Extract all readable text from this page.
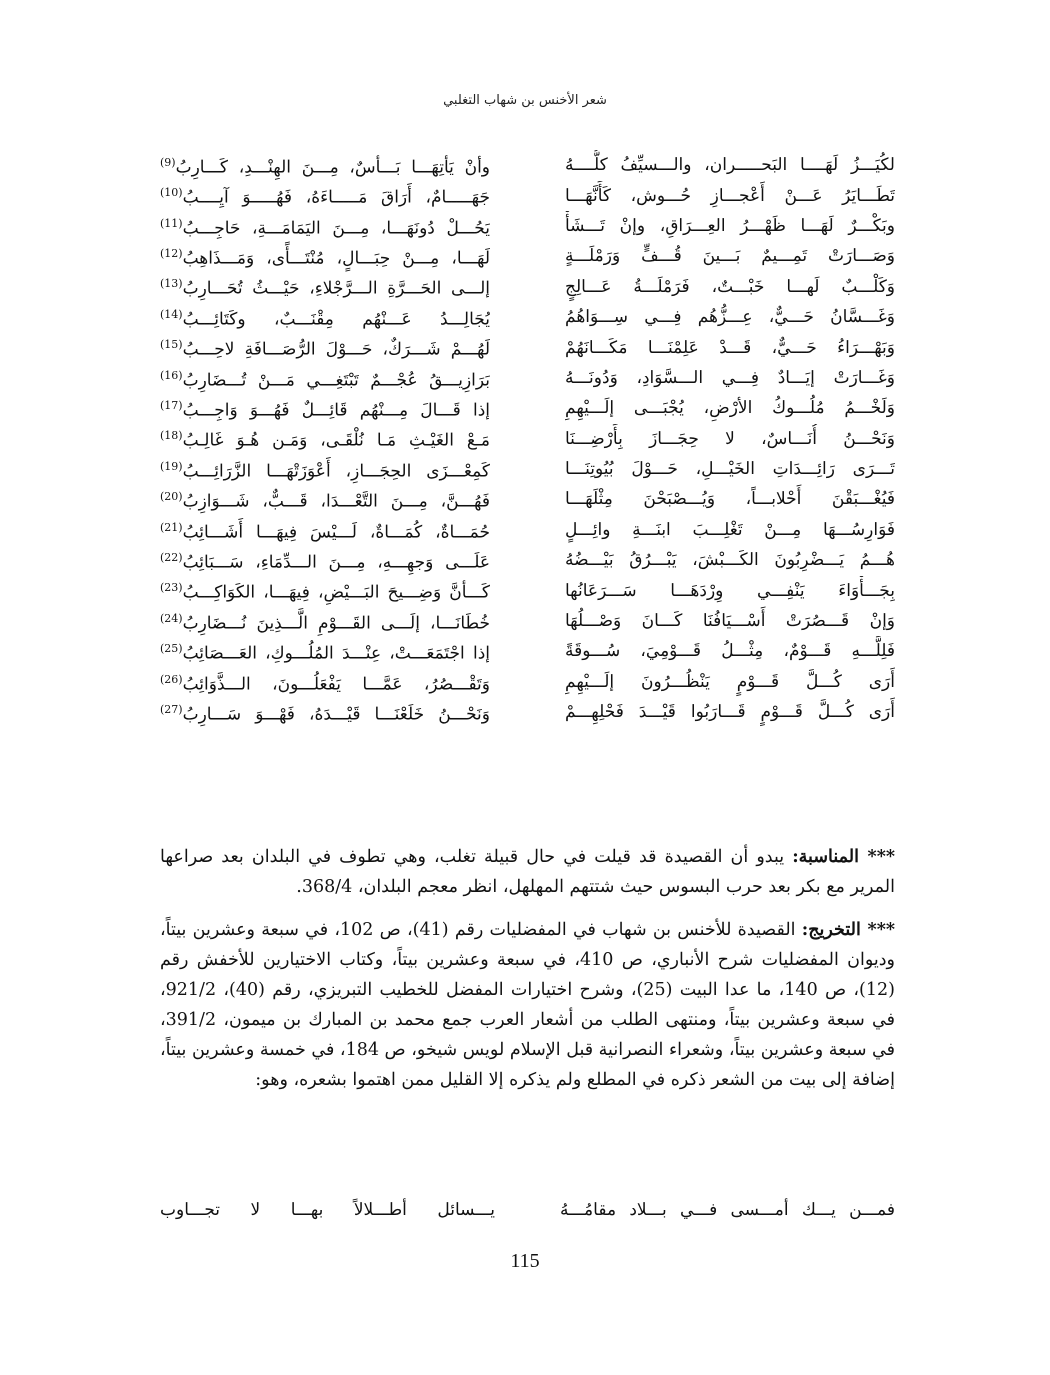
شعر الأخنس بن شهاب التغلبي
لكُيَـــزُ لَهَــــا البَحـــــران، والـــسيِّفُ كلُّــــهُ
وأنْ يَأتِهَـــا بَـــأسٌ، مِـــنَ الهِنْـــدِ، كَـــارِبُ$^{(9)}$
تَطَـــايَرُ عَـــنْ أَعْجـــازِ حُـــوش، كَأَنَّهَـــا
جَهَـــــامٌ، أَرَاقَ مَـــــاءَهُ، فَهُـــــوَ آيِــــبُ$^{(10)}$
وبَكْـــرٌ لَهَـــا ظَهْـــرُ العِـــرَاقِ، وإنْ تَـــشَأْ
يَحُـــلْ دُونَهَـــا، مِـــنَ اليَمَامَـــةِ، حَاجِـــبُ$^{(11)}$
وَصَـــارَتْ تَمِـــيمٌ بَـــينَ قُـــفٍّ وَرَمْلَـــةٍ
لَهَـــا، مِـــنْ حِبَـــالٍ، مُنْتَـــأًى، وَمَـــذَاهِبُ$^{(12)}$
وَكَلْـــبٌ لَهـــا خَبْـــتٌ، فَرَمْلَـــةُ عَـــالِجٍ
إلـــى الحَـــرَّةِ الـــرَّجْلاءِ، حَيْـــثُ تُحَـــارِبُ$^{(13)}$
وَغَـــسَّانُ حَـــيٌّ، عِـــزُّهُم فِـــي سِـــوَاهُمُ
يُجَالِـــدُ عَـــنْهُم مِقْنَـــبٌ، وكَتَائِـــبُ$^{(14)}$
وَبَهْـــرَاءُ حَـــيٌّ، قَـــدْ عَلِمْنَـــا مَكَـــانَهُمْ
لَهُـــمْ شَـــرَكٌ، حَـــوْلَ الرُّصَـــافَةِ لاحِـــبُ$^{(15)}$
وَغَـــارَتْ إيَـــادٌ فِـــي الـــسَّوَادِ، وَدُونَـــهُ
بَرَازِيـــقُ عُجْـــمٌ تَبْتَغِـــي مَـــنْ تُـــضَارِبُ$^{(16)}$
وَلَخْـــمُ مُلُـــوكُ الأرْضِ، يُجْبَـــى إلَـــيْهِمِ
إذا قَـــالَ مِـــنْهُم قَائِـــلٌ فَهُـــوَ وَاجِـــبُ$^{(17)}$
وَنَحْـــنُ أُنَـــاسٌ، لا حِجَـــازَ بِأَرْضِـــنَا
مَـعْ الغَيْـثِ مَـا نُلْقَـى، وَمَـن هُـوَ غَالِـبُ$^{(18)}$
تَـــرَى رَائِـــدَاتِ الخَيْـــلِ، حَـــوْلَ بُيُوتِنَـــا
كَمِعْـــزَى الحِجَـــازِ، أَعْوَزَتْهَـــا الزَّرَائِـــبُ$^{(19)}$
فَيُغْـــبَقْنَ أَحْلابـــاً، وَيُـــصْبَحْنَ مِثْلَهَـــا
فَهُـــنَّ، مِـــنَ التَّعْـــدَا، قَـــبٌّ، شَـــوَازِبُ$^{(20)}$
فَوَارِسُـــهَا مِـــنْ تَغْلِـــبَ ابنَـــةِ وائِـــلٍ
حُمَـــاةٌ، كُمَـــاةٌ، لَـــيْسَ فِيهَـــا أَشَـــائِبُ$^{(21)}$
هُـــمُ يَـــضْرِبُونَ الكَـــبْشَ، يَبْـــرُقُ بَيْـــضُهُ
عَلَـــى وَجهِـــهِ، مِـــنَ الـــدِّمَاءِ، سَـــبَائِبُ$^{(22)}$
بِجَـــأْوَاءَ يَنْفِـــي وِرْدَهَـــا سَـــرَعَانُها
كَـــأنَّ وَضِـــيحَ البَـــيْضِ، فِيهَـــا، الكَوَاكِـــبُ$^{(23)}$
وَإنْ قَـــصُرَتْ أَسْـــيَافُنَا كَـــانَ وَصْـــلُهَا
خُطَانَـــا، إلَـــى القَـــوْمِ الَّـــذِينَ نُـــضَارِبُ$^{(24)}$
فَلِلَّـــهِ قَـــوْمٌ، مِثْـــلُ قَـــوْمِيَ، سُـــوقَةً
إذا اجْتَمَعَـــتْ، عِنْـــدَ المُلُـــوكِ، العَـــصَائِبُ$^{(25)}$
أَرَى كُـــلَّ قَـــوْمٍ يَنْظُـــرُونَ إلَـــيْهِمِ
وَتَقْـــصُرُ، عَمَّـــا يَفْعَلُـــونَ، الـــذَّوَائِبُ$^{(26)}$
أَرَى كُـــلَّ قَـــوْمٍ قَـــارَبُوا قَيْـــدَ فَحْلِهِـــمْ
وَنَحْـــنُ خَلَعْنَـــا قَيْـــدَهُ، فَهْـــوَ سَـــارِبُ$^{(27)}$

*** المناسبة: يبدو أن القصيدة قد قيلت في حال قبيلة تغلب، وهي تطوف في البلدان بعد صراعها المرير مع بكر بعد حرب البسوس حيث شتتهم المهلهل، انظر معجم البلدان، 368/4.

*** التخريج: القصيدة للأخنس بن شهاب في المفضليات رقم (41)، ص 102، في سبعة وعشرين بيتاً، وديوان المفضليات شرح الأنباري، ص 410، في سبعة وعشرين بيتاً، وكتاب الاختيارين للأخفش رقم (12)، ص 140، ما عدا البيت (25)، وشرح اختيارات المفضل للخطيب التبريزي، رقم (40)، 921/2، في سبعة وعشرين بيتاً، ومنتهى الطلب من أشعار العرب جمع محمد بن المبارك بن ميمون، 391/2، في سبعة وعشرين بيتاً، وشعراء النصرانية قبل الإسلام لويس شيخو، ص 184، في خمسة وعشرين بيتاً، إضافة إلى بيت من الشعر ذكره في المطلع ولم يذكره إلا القليل ممن اهتموا بشعره، وهو:

فمـــن يـــك أمـــسى فـــي بـــلاد مقامُـــهُ
يـــسائل أطـــلالاً بهـــا لا تجـــاوب
115
